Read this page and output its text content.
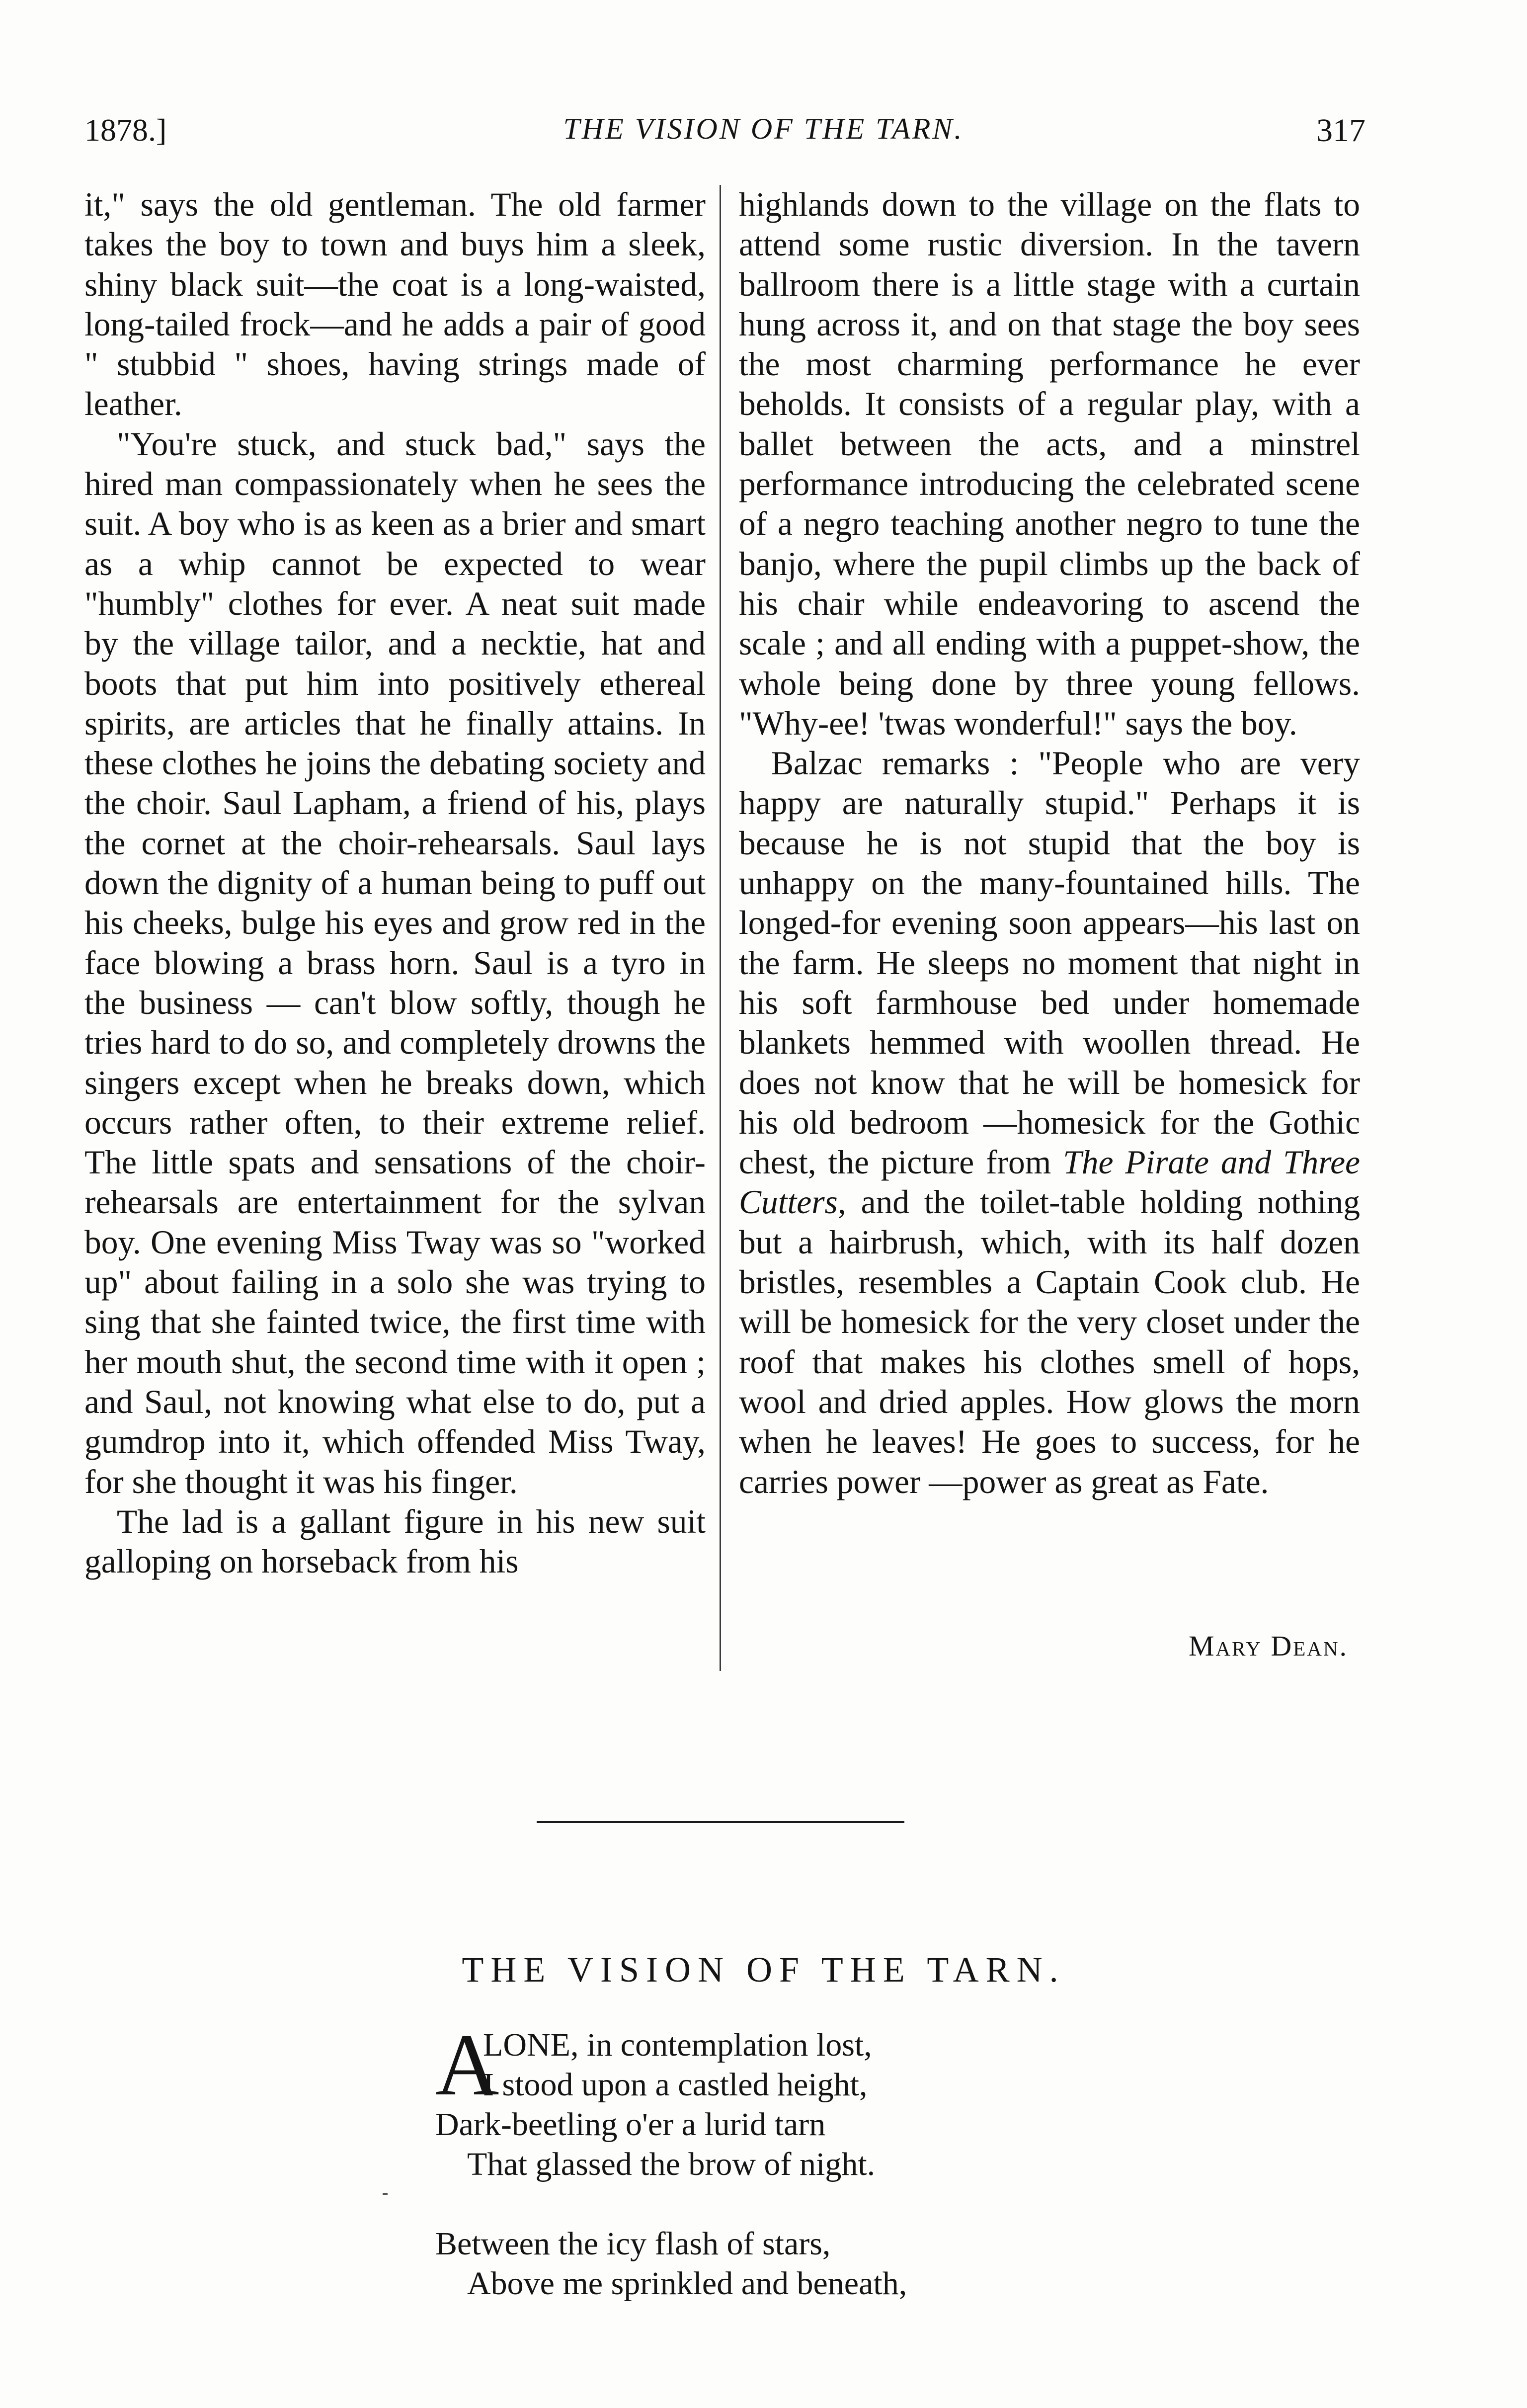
1878.]	THE VISION OF THE TARN.	317

it," says the old gentleman. The old farmer takes the boy to town and buys him a sleek, shiny black suit—the coat is a long-waisted, long-tailed frock—and he adds a pair of good " stubbid " shoes, having strings made of leather.

"You're stuck, and stuck bad," says the hired man compassionately when he sees the suit. A boy who is as keen as a brier and smart as a whip cannot be expected to wear "humbly" clothes for ever. A neat suit made by the village tailor, and a necktie, hat and boots that put him into positively ethereal spirits, are articles that he finally attains. In these clothes he joins the debating society and the choir. Saul Lapham, a friend of his, plays the cornet at the choir-rehearsals. Saul lays down the dignity of a human being to puff out his cheeks, bulge his eyes and grow red in the face blowing a brass horn. Saul is a tyro in the business — can't blow softly, though he tries hard to do so, and completely drowns the singers except when he breaks down, which occurs rather often, to their extreme relief. The little spats and sensations of the choir-rehearsals are entertainment for the sylvan boy. One evening Miss Tway was so "worked up" about failing in a solo she was trying to sing that she fainted twice, the first time with her mouth shut, the second time with it open ; and Saul, not knowing what else to do, put a gumdrop into it, which offended Miss Tway, for she thought it was his finger.

The lad is a gallant figure in his new suit galloping on horseback from his

highlands down to the village on the flats to attend some rustic diversion. In the tavern ballroom there is a little stage with a curtain hung across it, and on that stage the boy sees the most charming performance he ever beholds. It consists of a regular play, with a ballet between the acts, and a minstrel performance introducing the celebrated scene of a negro teaching another negro to tune the banjo, where the pupil climbs up the back of his chair while endeavoring to ascend the scale ; and all ending with a puppet-show, the whole being done by three young fellows. "Why-ee! 'twas wonderful!" says the boy.

Balzac remarks : "People who are very happy are naturally stupid." Perhaps it is because he is not stupid that the boy is unhappy on the many-fountained hills. The longed-for evening soon appears—his last on the farm. He sleeps no moment that night in his soft farmhouse bed under homemade blankets hemmed with woollen thread. He does not know that he will be homesick for his old bedroom —homesick for the Gothic chest, the picture from The Pirate and Three Cutters, and the toilet-table holding nothing but a hairbrush, which, with its half dozen bristles, resembles a Captain Cook club. He will be homesick for the very closet under the roof that makes his clothes smell of hops, wool and dried apples. How glows the morn when he leaves! He goes to success, for he carries power —power as great as Fate.

Mary Dean.
THE VISION OF THE TARN.
A
LONE, in contemplation lost,
I stood upon a castled height,
Dark-beetling o'er a lurid tarn
That glassed the brow of night.
Between the icy flash of stars,
Above me sprinkled and beneath,
